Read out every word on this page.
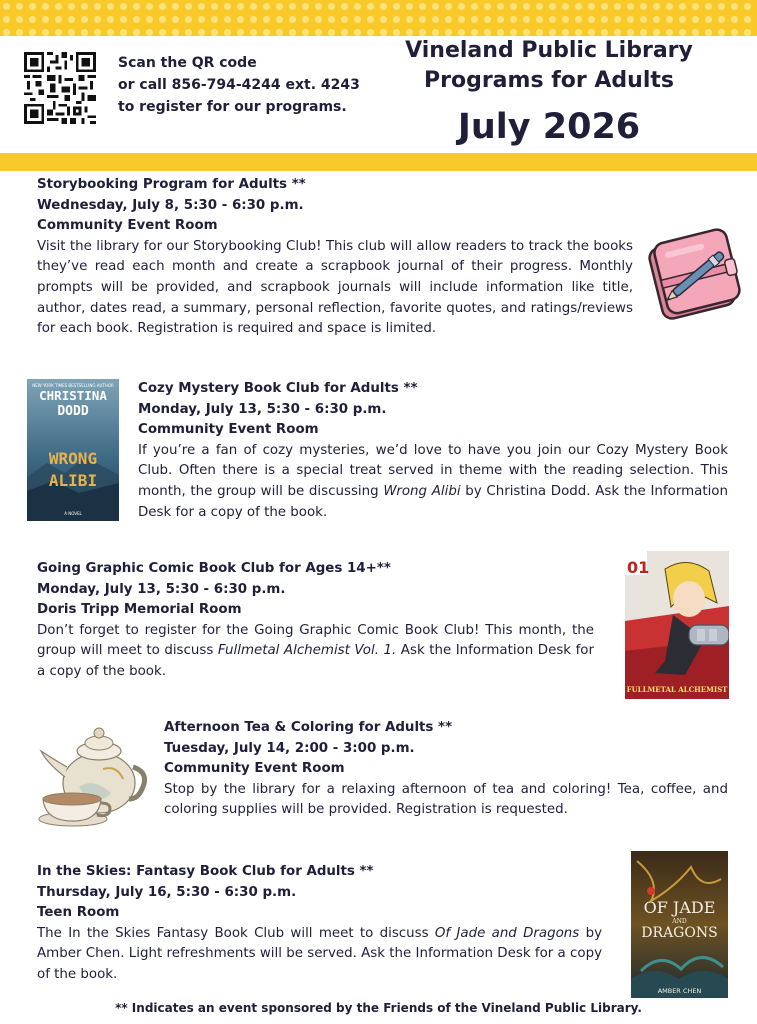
Scan the QR code
or call 856-794-4244 ext. 4243
to register for our programs.
Vineland Public Library
Programs for Adults
July 2026
Storybooking Program for Adults **
Wednesday, July 8, 5:30 - 6:30 p.m.
Community Event Room
Visit the library for our Storybooking Club! This club will allow readers to track the books they’ve read each month and create a scrapbook journal of their progress. Monthly prompts will be provided, and scrapbook journals will include information like title, author, dates read, a summary, personal reflection, favorite quotes, and ratings/reviews for each book. Registration is required and space is limited.
NEW YORK TIMES BESTSELLING AUTHOR
CHRISTINA
DODD
WRONG
ALIBI
A NOVEL
Cozy Mystery Book Club for Adults **
Monday, July 13, 5:30 - 6:30 p.m.
Community Event Room
If you’re a fan of cozy mysteries, we’d love to have you join our Cozy Mystery Book Club. Often there is a special treat served in theme with the reading selection. This month, the group will be discussing Wrong Alibi by Christina Dodd. Ask the Information Desk for a copy of the book.
Going Graphic Comic Book Club for Ages 14+**
Monday, July 13, 5:30 - 6:30 p.m.
Doris Tripp Memorial Room
Don’t forget to register for the Going Graphic Comic Book Club! This month, the group will meet to discuss Fullmetal Alchemist Vol. 1. Ask the Information Desk for a copy of the book.
01
FULLMETAL ALCHEMIST
Afternoon Tea & Coloring for Adults **
Tuesday, July 14, 2:00 - 3:00 p.m.
Community Event Room
Stop by the library for a relaxing afternoon of tea and coloring! Tea, coffee, and coloring supplies will be provided. Registration is requested.
In the Skies: Fantasy Book Club for Adults **
Thursday, July 16, 5:30 - 6:30 p.m.
Teen Room
The In the Skies Fantasy Book Club will meet to discuss Of Jade and Dragons by Amber Chen. Light refreshments will be served. Ask the Information Desk for a copy of the book.
OF JADE
AND
DRAGONS
AMBER CHEN
** Indicates an event sponsored by the Friends of the Vineland Public Library.
